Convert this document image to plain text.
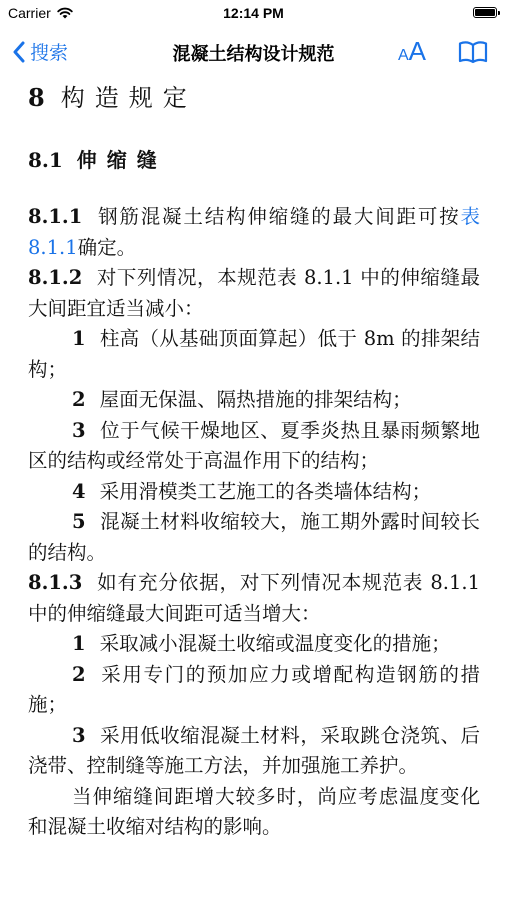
Carrier	12:14 PM
搜索	混凝土结构设计规范	AA
8 构造规定
8.1 伸缩缝

8.1.1 钢筋混凝土结构伸缩缝的最大间距可按表 8.1.1确定。

8.1.2 对下列情况，本规范表 8.1.1 中的伸缩缝最大间距宜适当减小：

1 柱高（从基础顶面算起）低于 8m 的排架结构；

2 屋面无保温、隔热措施的排架结构；

3 位于气候干燥地区、夏季炎热且暴雨频繁地区的结构或经常处于高温作用下的结构；

4 采用滑模类工艺施工的各类墙体结构；

5 混凝土材料收缩较大，施工期外露时间较长的结构。

8.1.3 如有充分依据，对下列情况本规范表 8.1.1 中的伸缩缝最大间距可适当增大：

1 采取减小混凝土收缩或温度变化的措施；

2 采用专门的预加应力或增配构造钢筋的措施；

3 采用低收缩混凝土材料，采取跳仓浇筑、后浇带、控制缝等施工方法，并加强施工养护。

当伸缩缝间距增大较多时，尚应考虑温度变化和混凝土收缩对结构的影响。
